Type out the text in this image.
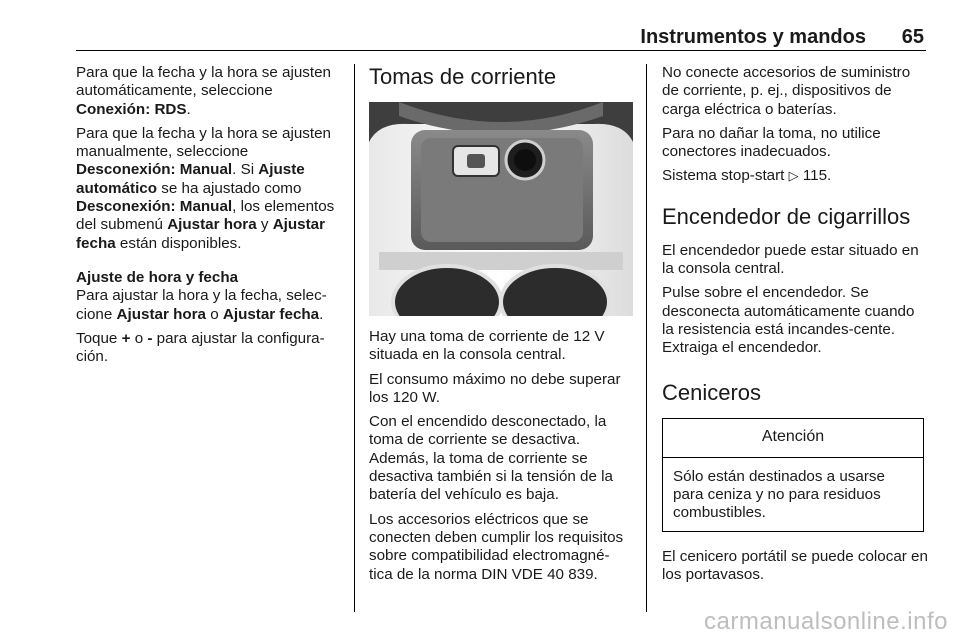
Instrumentos y mandos 65

Para que la fecha y la hora se ajusten automáticamente, seleccione
Conexión: RDS.

Para que la fecha y la hora se ajusten manualmente, seleccione
Desconexión: Manual. Si Ajuste automático se ha ajustado como
Desconexión: Manual, los elementos del submenú Ajustar hora y Ajustar fecha están disponibles.

Ajuste de hora y fecha

Para ajustar la hora y la fecha, selec-cione Ajustar hora o Ajustar fecha.

Toque + o - para ajustar la configura-ción.

Tomas de corriente

Hay una toma de corriente de 12 V situada en la consola central.

El consumo máximo no debe superar los 120 W.

Con el encendido desconectado, la toma de corriente se desactiva. Además, la toma de corriente se desactiva también si la tensión de la batería del vehículo es baja.

Los accesorios eléctricos que se conecten deben cumplir los requisitos sobre compatibilidad electromagné-tica de la norma DIN VDE 40 839.

No conecte accesorios de suministro de corriente, p. ej., dispositivos de carga eléctrica o baterías.

Para no dañar la toma, no utilice conectores inadecuados.

Sistema stop-start ▷ 115.

Encendedor de cigarrillos

El encendedor puede estar situado en la consola central.

Pulse sobre el encendedor. Se desconecta automáticamente cuando la resistencia está incandes-cente. Extraiga el encendedor.

Ceniceros
Atención
Sólo están destinados a usarse para ceniza y no para residuos combustibles.

El cenicero portátil se puede colocar en los portavasos.

carmanualsonline.info
